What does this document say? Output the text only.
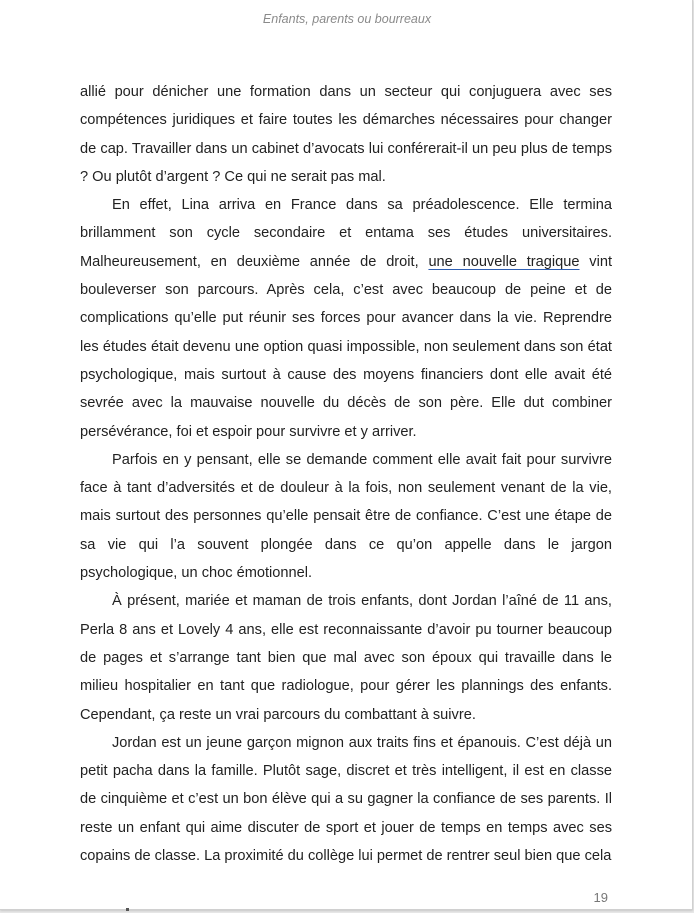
Enfants, parents ou bourreaux

allié pour dénicher une formation dans un secteur qui conjuguera avec ses compétences juridiques et faire toutes les démarches nécessaires pour changer de cap. Travailler dans un cabinet d’avocats lui conférerait-il un peu plus de temps ? Ou plutôt d’argent ? Ce qui ne serait pas mal.

En effet, Lina arriva en France dans sa préadolescence. Elle termina brillamment son cycle secondaire et entama ses études universitaires. Malheureusement, en deuxième année de droit, une nouvelle tragique vint bouleverser son parcours. Après cela, c’est avec beaucoup de peine et de complications qu’elle put réunir ses forces pour avancer dans la vie. Reprendre les études était devenu une option quasi impossible, non seulement dans son état psychologique, mais surtout à cause des moyens financiers dont elle avait été sevrée avec la mauvaise nouvelle du décès de son père. Elle dut combiner persévérance, foi et espoir pour survivre et y arriver.

Parfois en y pensant, elle se demande comment elle avait fait pour survivre face à tant d’adversités et de douleur à la fois, non seulement venant de la vie, mais surtout des personnes qu’elle pensait être de confiance. C’est une étape de sa vie qui l’a souvent plongée dans ce qu’on appelle dans le jargon psychologique, un choc émotionnel.

À présent, mariée et maman de trois enfants, dont Jordan l’aîné de 11 ans, Perla 8 ans et Lovely 4 ans, elle est reconnaissante d’avoir pu tourner beaucoup de pages et s’arrange tant bien que mal avec son époux qui travaille dans le milieu hospitalier en tant que radiologue, pour gérer les plannings des enfants. Cependant, ça reste un vrai parcours du combattant à suivre.

Jordan est un jeune garçon mignon aux traits fins et épanouis. C’est déjà un petit pacha dans la famille. Plutôt sage, discret et très intelligent, il est en classe de cinquième et c’est un bon élève qui a su gagner la confiance de ses parents. Il reste un enfant qui aime discuter de sport et jouer de temps en temps avec ses copains de classe. La proximité du collège lui permet de rentrer seul bien que cela

19
